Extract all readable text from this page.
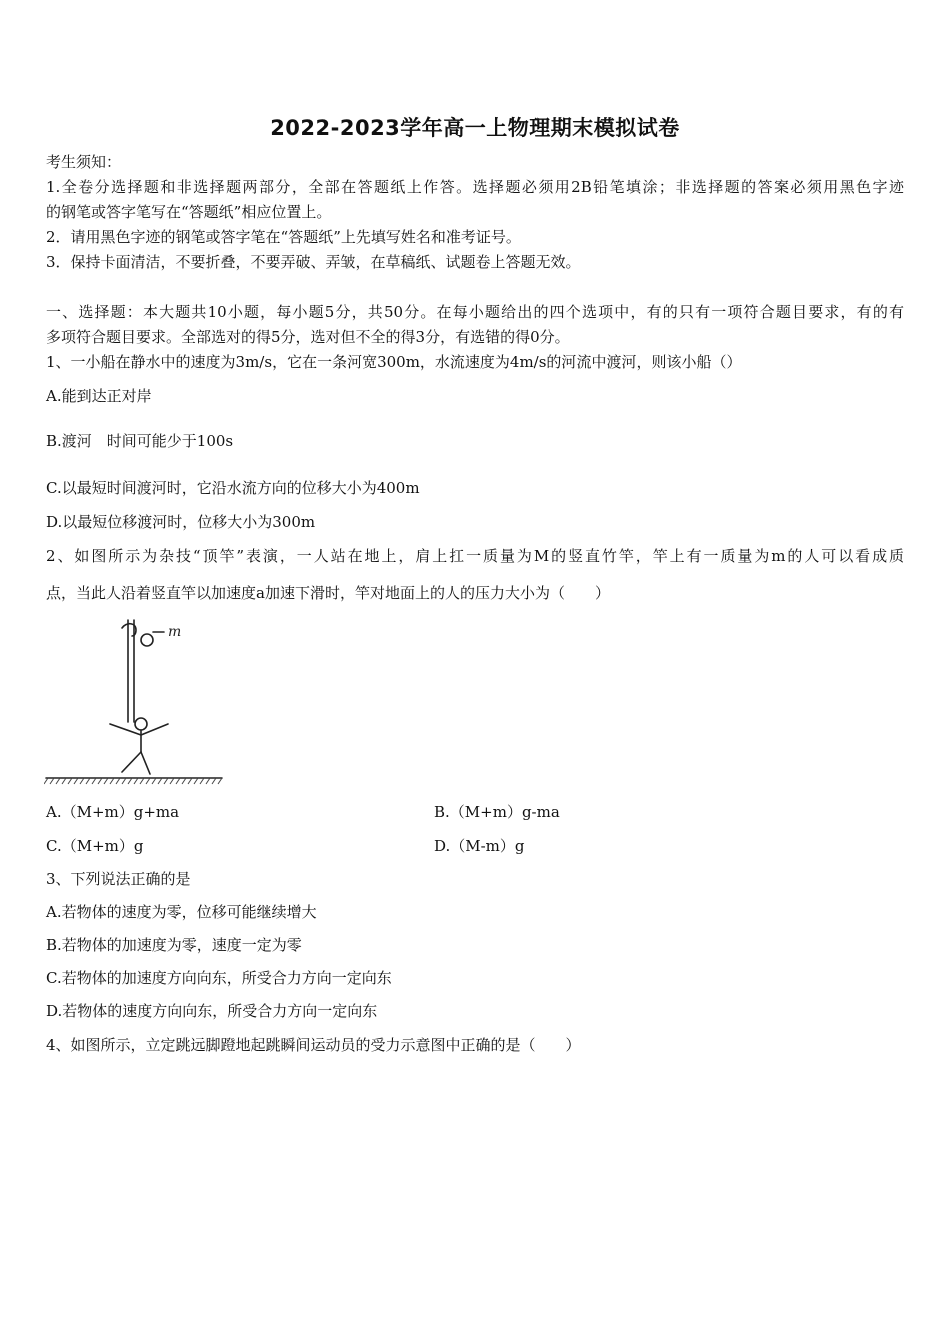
2022-2023学年高一上物理期末模拟试卷
考生须知：
1.全卷分选择题和非选择题两部分，全部在答题纸上作答。选择题必须用2B铅笔填涂；非选择题的答案必须用黑色字迹
的钢笔或答字笔写在“答题纸”相应位置上。
2．请用黑色字迹的钢笔或答字笔在“答题纸”上先填写姓名和准考证号。
3．保持卡面清洁，不要折叠，不要弄破、弄皱，在草稿纸、试题卷上答题无效。
一、选择题：本大题共10小题，每小题5分，共50分。在每小题给出的四个选项中，有的只有一项符合题目要求，有的有
多项符合题目要求。全部选对的得5分，选对但不全的得3分，有选错的得0分。
1、一小船在静水中的速度为3m/s，它在一条河宽300m，水流速度为4m/s的河流中渡河，则该小船（）
A.能到达正对岸
B.渡河　时间可能少于100s
C.以最短时间渡河时，它沿水流方向的位移大小为400m
D.以最短位移渡河时，位移大小为300m
2、如图所示为杂技“顶竿”表演，一人站在地上，肩上扛一质量为M的竖直竹竿，竿上有一质量为m的人可以看成质
点，当此人沿着竖直竿以加速度a加速下滑时，竿对地面上的人的压力大小为（　　）
m
A.（M+m）g+ma	B.（M+m）g-ma
C.（M+m）g	D.（M-m）g
3、下列说法正确的是
A.若物体的速度为零，位移可能继续增大
B.若物体的加速度为零，速度一定为零
C.若物体的加速度方向向东，所受合力方向一定向东
D.若物体的速度方向向东，所受合力方向一定向东
4、如图所示，立定跳远脚蹬地起跳瞬间运动员的受力示意图中正确的是（　　）
